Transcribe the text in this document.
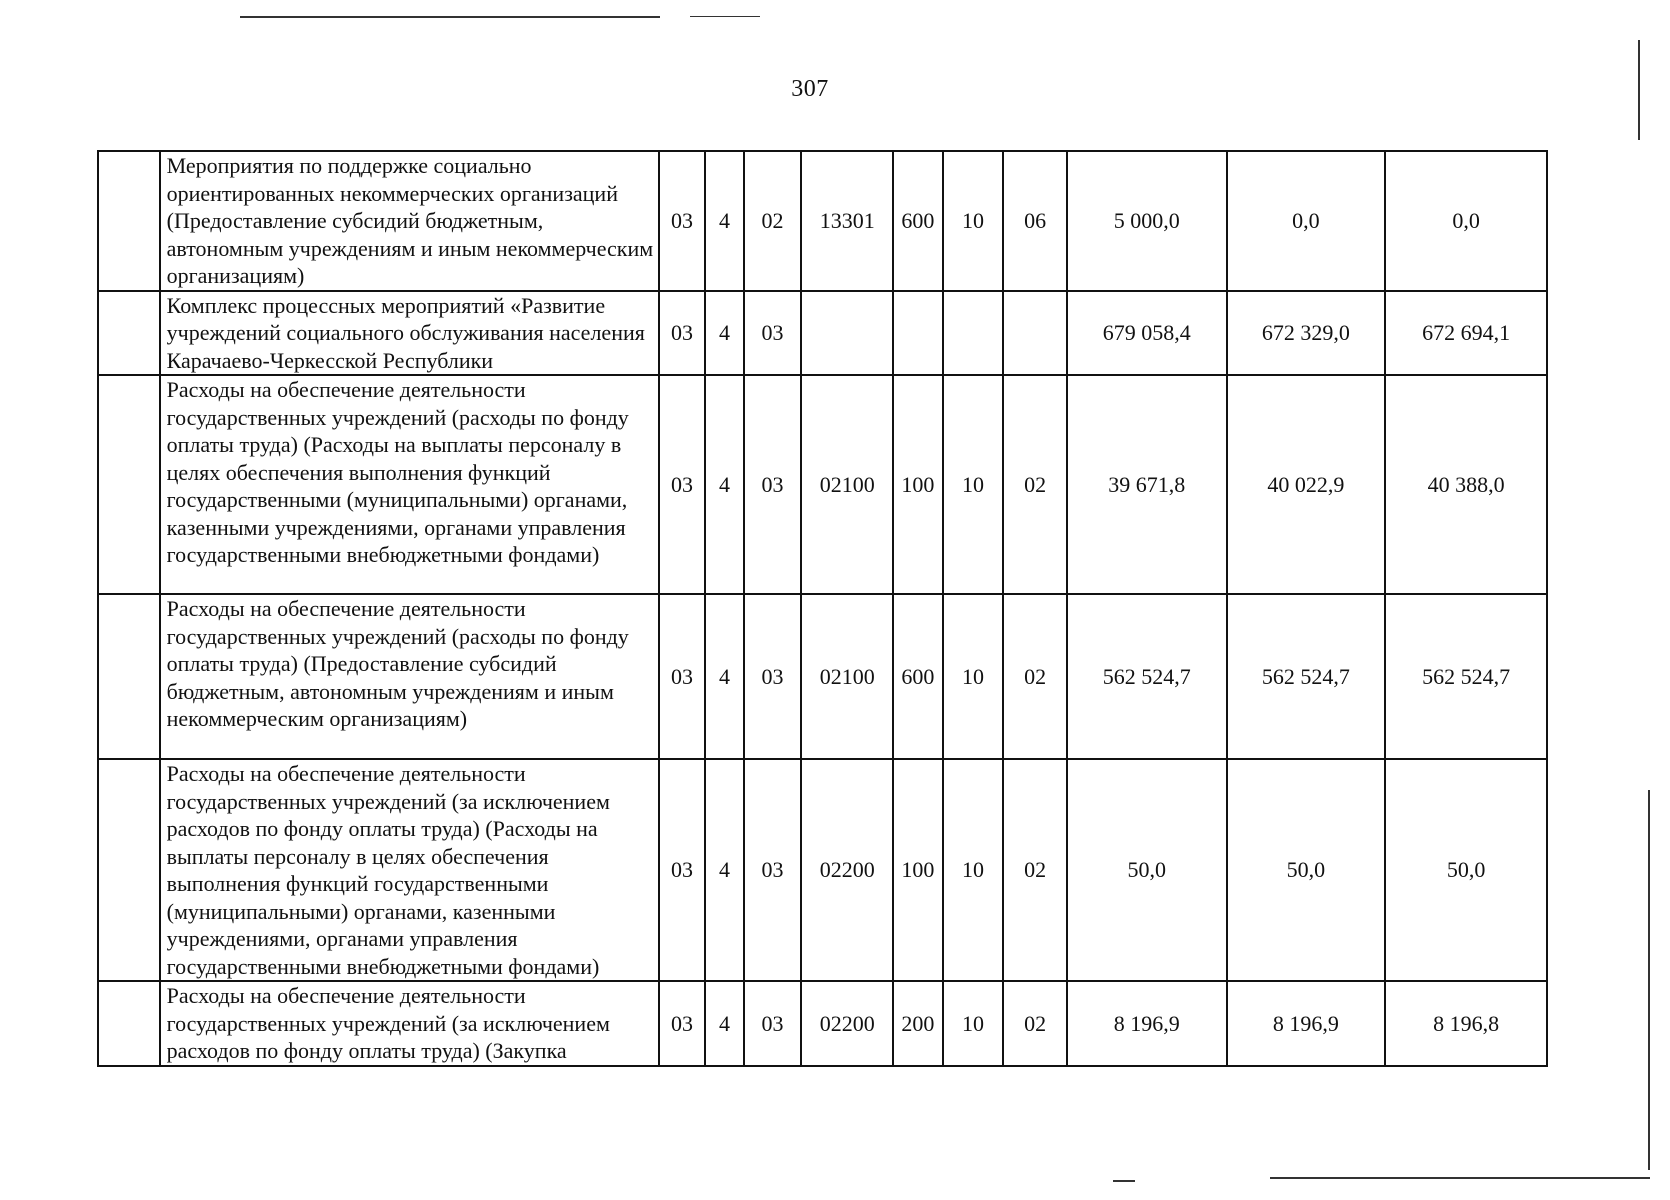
307
	Мероприятия по поддержке социально ориентированных некоммерческих организаций (Предоставление субсидий бюджетным, автономным учреждениям и иным некоммерческим организациям)	03	4	02	13301	600	10	06	5 000,0	0,0	0,0
	Комплекс процессных мероприятий «Развитие учреждений социального обслуживания населения Карачаево-Черкесской Республики	03	4	03					679 058,4	672 329,0	672 694,1
	Расходы на обеспечение деятельности государственных учреждений (расходы по фонду оплаты труда) (Расходы на выплаты персоналу в целях обеспечения выполнения функций государственными (муниципальными) органами, казенными учреждениями, органами управления государственными внебюджетными фондами)	03	4	03	02100	100	10	02	39 671,8	40 022,9	40 388,0
	Расходы на обеспечение деятельности государственных учреждений (расходы по фонду оплаты труда) (Предоставление субсидий бюджетным, автономным учреждениям и иным некоммерческим организациям)	03	4	03	02100	600	10	02	562 524,7	562 524,7	562 524,7
	Расходы на обеспечение деятельности государственных учреждений (за исключением расходов по фонду оплаты труда) (Расходы на выплаты персоналу в целях обеспечения выполнения функций государственными (муниципальными) органами, казенными учреждениями, органами управления государственными внебюджетными фондами)	03	4	03	02200	100	10	02	50,0	50,0	50,0
	Расходы на обеспечение деятельности государственных учреждений (за исключением расходов по фонду оплаты труда) (Закупка	03	4	03	02200	200	10	02	8 196,9	8 196,9	8 196,8
